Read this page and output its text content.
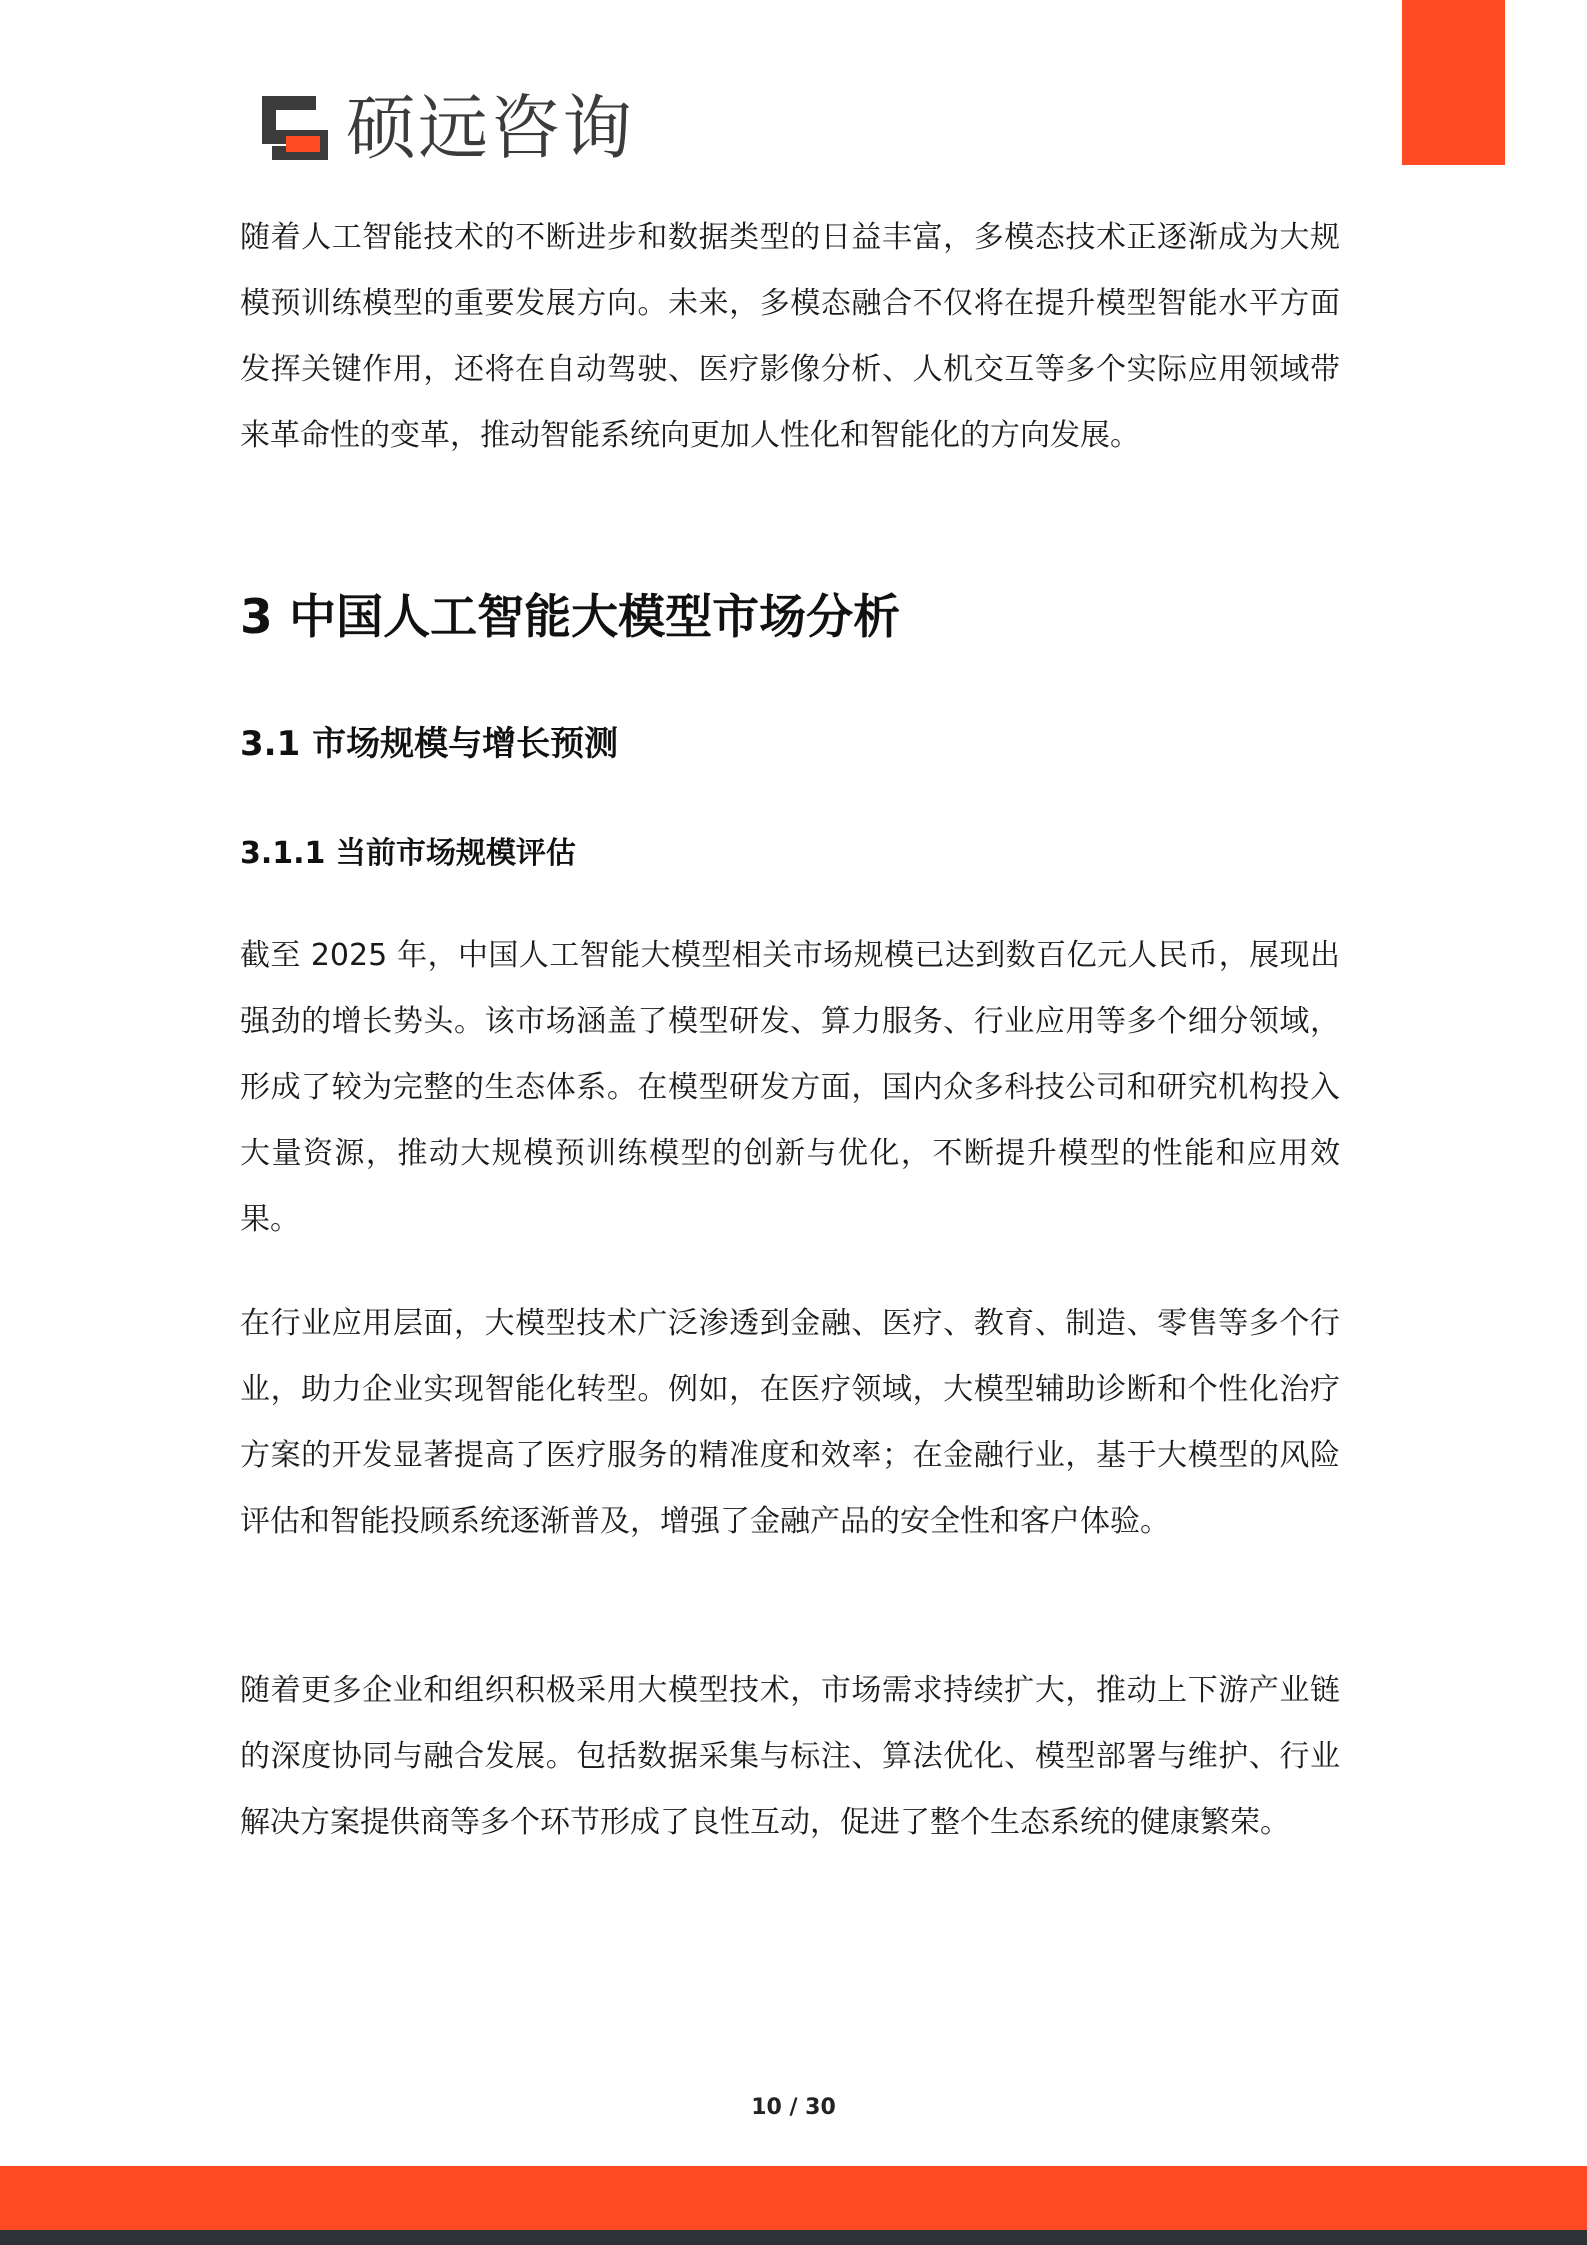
硕远咨询

随着人工智能技术的不断进步和数据类型的日益丰富，多模态技术正逐渐成为大规模预训练模型的重要发展方向。未来，多模态融合不仅将在提升模型智能水平方面发挥关键作用，还将在自动驾驶、医疗影像分析、人机交互等多个实际应用领域带来革命性的变革，推动智能系统向更加人性化和智能化的方向发展。

3 中国人工智能大模型市场分析
3.1 市场规模与增长预测
3.1.1 当前市场规模评估

截至 2025 年，中国人工智能大模型相关市场规模已达到数百亿元人民币，展现出强劲的增长势头。该市场涵盖了模型研发、算力服务、行业应用等多个细分领域，形成了较为完整的生态体系。在模型研发方面，国内众多科技公司和研究机构投入大量资源，推动大规模预训练模型的创新与优化，不断提升模型的性能和应用效果。

在行业应用层面，大模型技术广泛渗透到金融、医疗、教育、制造、零售等多个行业，助力企业实现智能化转型。例如，在医疗领域，大模型辅助诊断和个性化治疗方案的开发显著提高了医疗服务的精准度和效率；在金融行业，基于大模型的风险评估和智能投顾系统逐渐普及，增强了金融产品的安全性和客户体验。

随着更多企业和组织积极采用大模型技术，市场需求持续扩大，推动上下游产业链的深度协同与融合发展。包括数据采集与标注、算法优化、模型部署与维护、行业解决方案提供商等多个环节形成了良性互动，促进了整个生态系统的健康繁荣。

10 / 30
